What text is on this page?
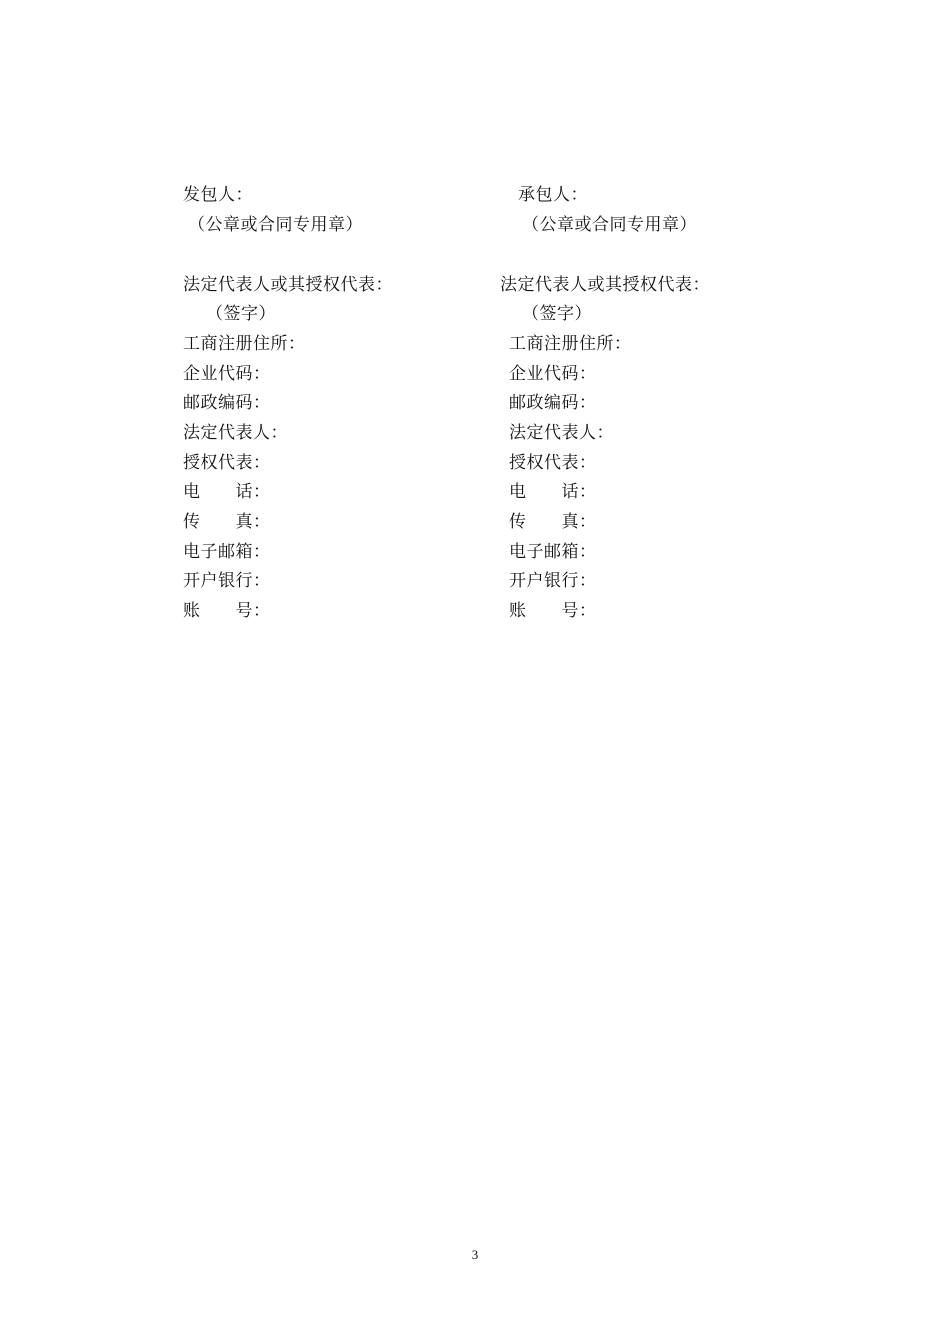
发包人：
（公章或合同专用章）
法定代表人或其授权代表：
（签字）
工商注册住所：
企业代码：
邮政编码：
法定代表人：
授权代表：
电　　话：
传　　真：
电子邮箱：
开户银行：
账　　号：
承包人：
（公章或合同专用章）
法定代表人或其授权代表：
（签字）
工商注册住所：
企业代码：
邮政编码：
法定代表人：
授权代表：
电　　话：
传　　真：
电子邮箱：
开户银行：
账　　号：
3
